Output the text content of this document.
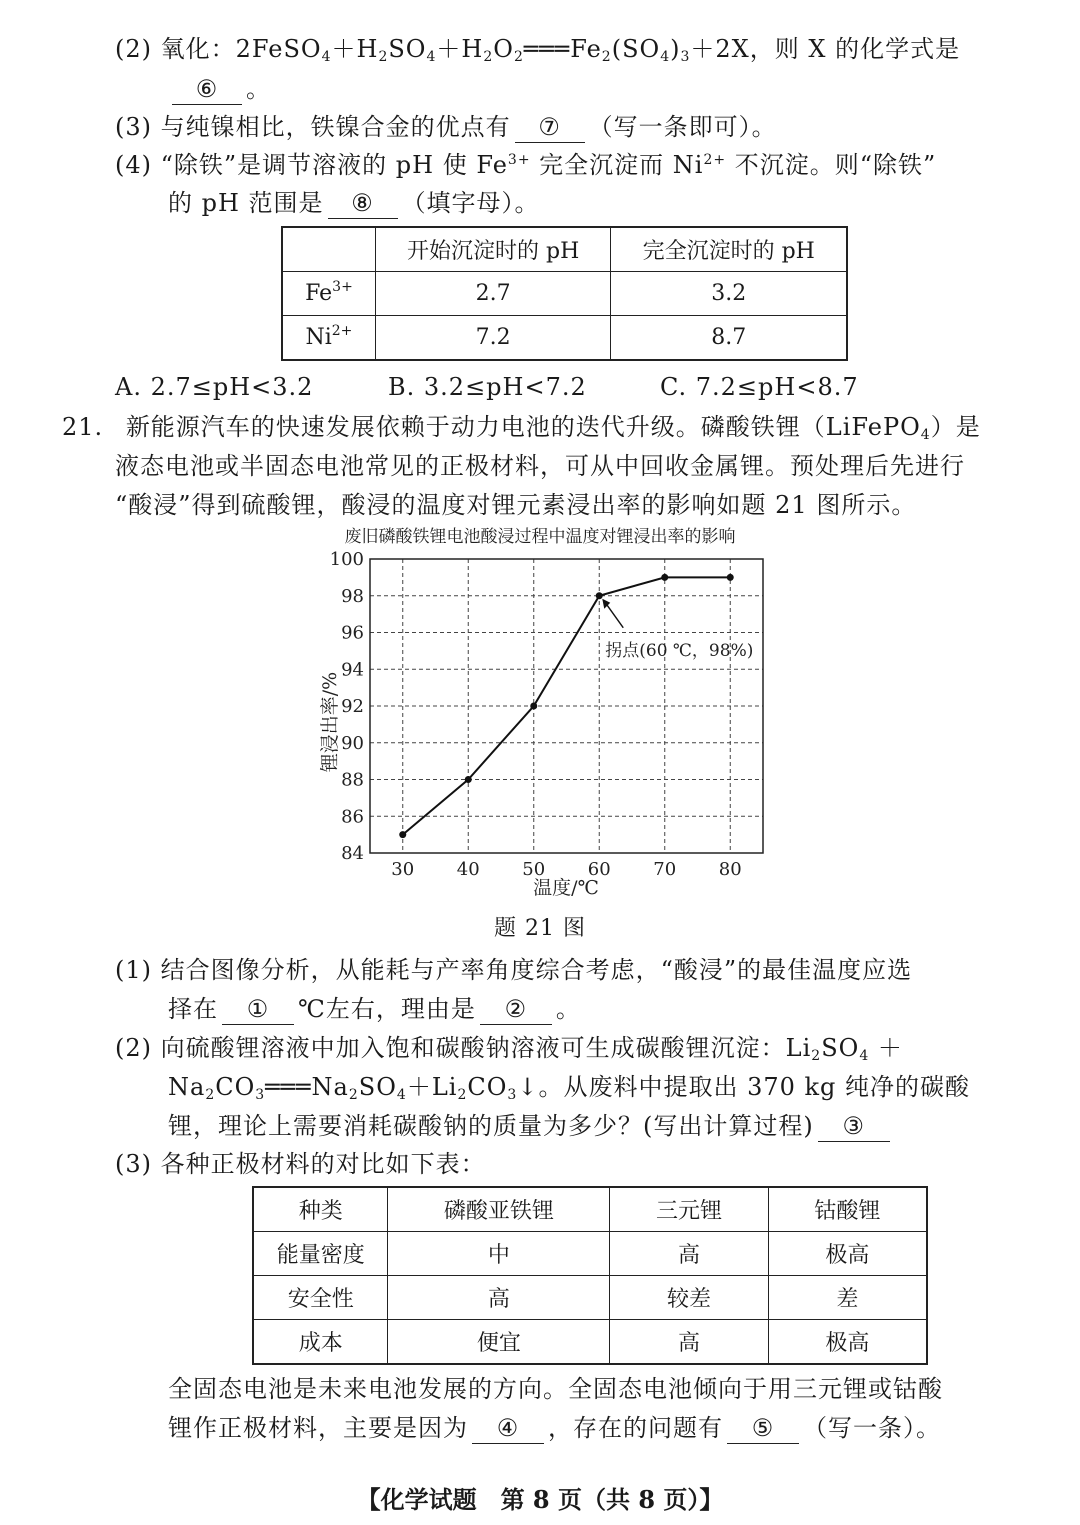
(2) 氧化：$2FeSO_4+H_2SO_4+H_2O_2═══Fe_2(SO_4)_3+2X$，则 X 的化学式是
⑥ 。
(3) 与纯镍相比，铁镍合金的优点有 ⑦ （写一条即可）。
(4) “除铁”是调节溶液的 pH 使 $Fe^{3+}$ 完全沉淀而 $Ni^{2+}$ 不沉淀。则“除铁”
的 pH 范围是 ⑧ （填字母）。
	开始沉淀时的 pH	完全沉淀时的 pH
$Fe^{3+}$	2.7	3.2
$Ni^{2+}$	7.2	8.7
A. 2.7≤pH<3.2	B. 3.2≤pH<7.2	C. 7.2≤pH<8.7
21. 新能源汽车的快速发展依赖于动力电池的迭代升级。磷酸铁锂（LiFePO$_4$）是
液态电池或半固态电池常见的正极材料，可从中回收金属锂。预处理后先进行
“酸浸”得到硫酸锂，酸浸的温度对锂元素浸出率的影响如题 21 图所示。
废旧磷酸铁锂电池酸浸过程中温度对锂浸出率的影响
84
86
88
90
92
94
96
98
100
30 40 50 60 70 80
拐点(60 ℃，98%)
锂浸出率/%
温度/℃
题 21 图
(1) 结合图像分析，从能耗与产率角度综合考虑，“酸浸”的最佳温度应选
择在 ① ℃左右，理由是 ② 。
(2) 向硫酸锂溶液中加入饱和碳酸钠溶液可生成碳酸锂沉淀：$Li_2SO_4$ ＋
$Na_2CO_3═══Na_2SO_4+Li_2CO_3↓$。从废料中提取出 370 kg 纯净的碳酸
锂，理论上需要消耗碳酸钠的质量为多少？(写出计算过程) ③
(3) 各种正极材料的对比如下表：
种类	磷酸亚铁锂	三元锂	钴酸锂
能量密度	中	高	极高
安全性	高	较差	差
成本	便宜	高	极高
全固态电池是未来电池发展的方向。全固态电池倾向于用三元锂或钴酸
锂作正极材料，主要是因为 ④ ，存在的问题有 ⑤ （写一条）。
【化学试题　第 8 页（共 8 页）】
